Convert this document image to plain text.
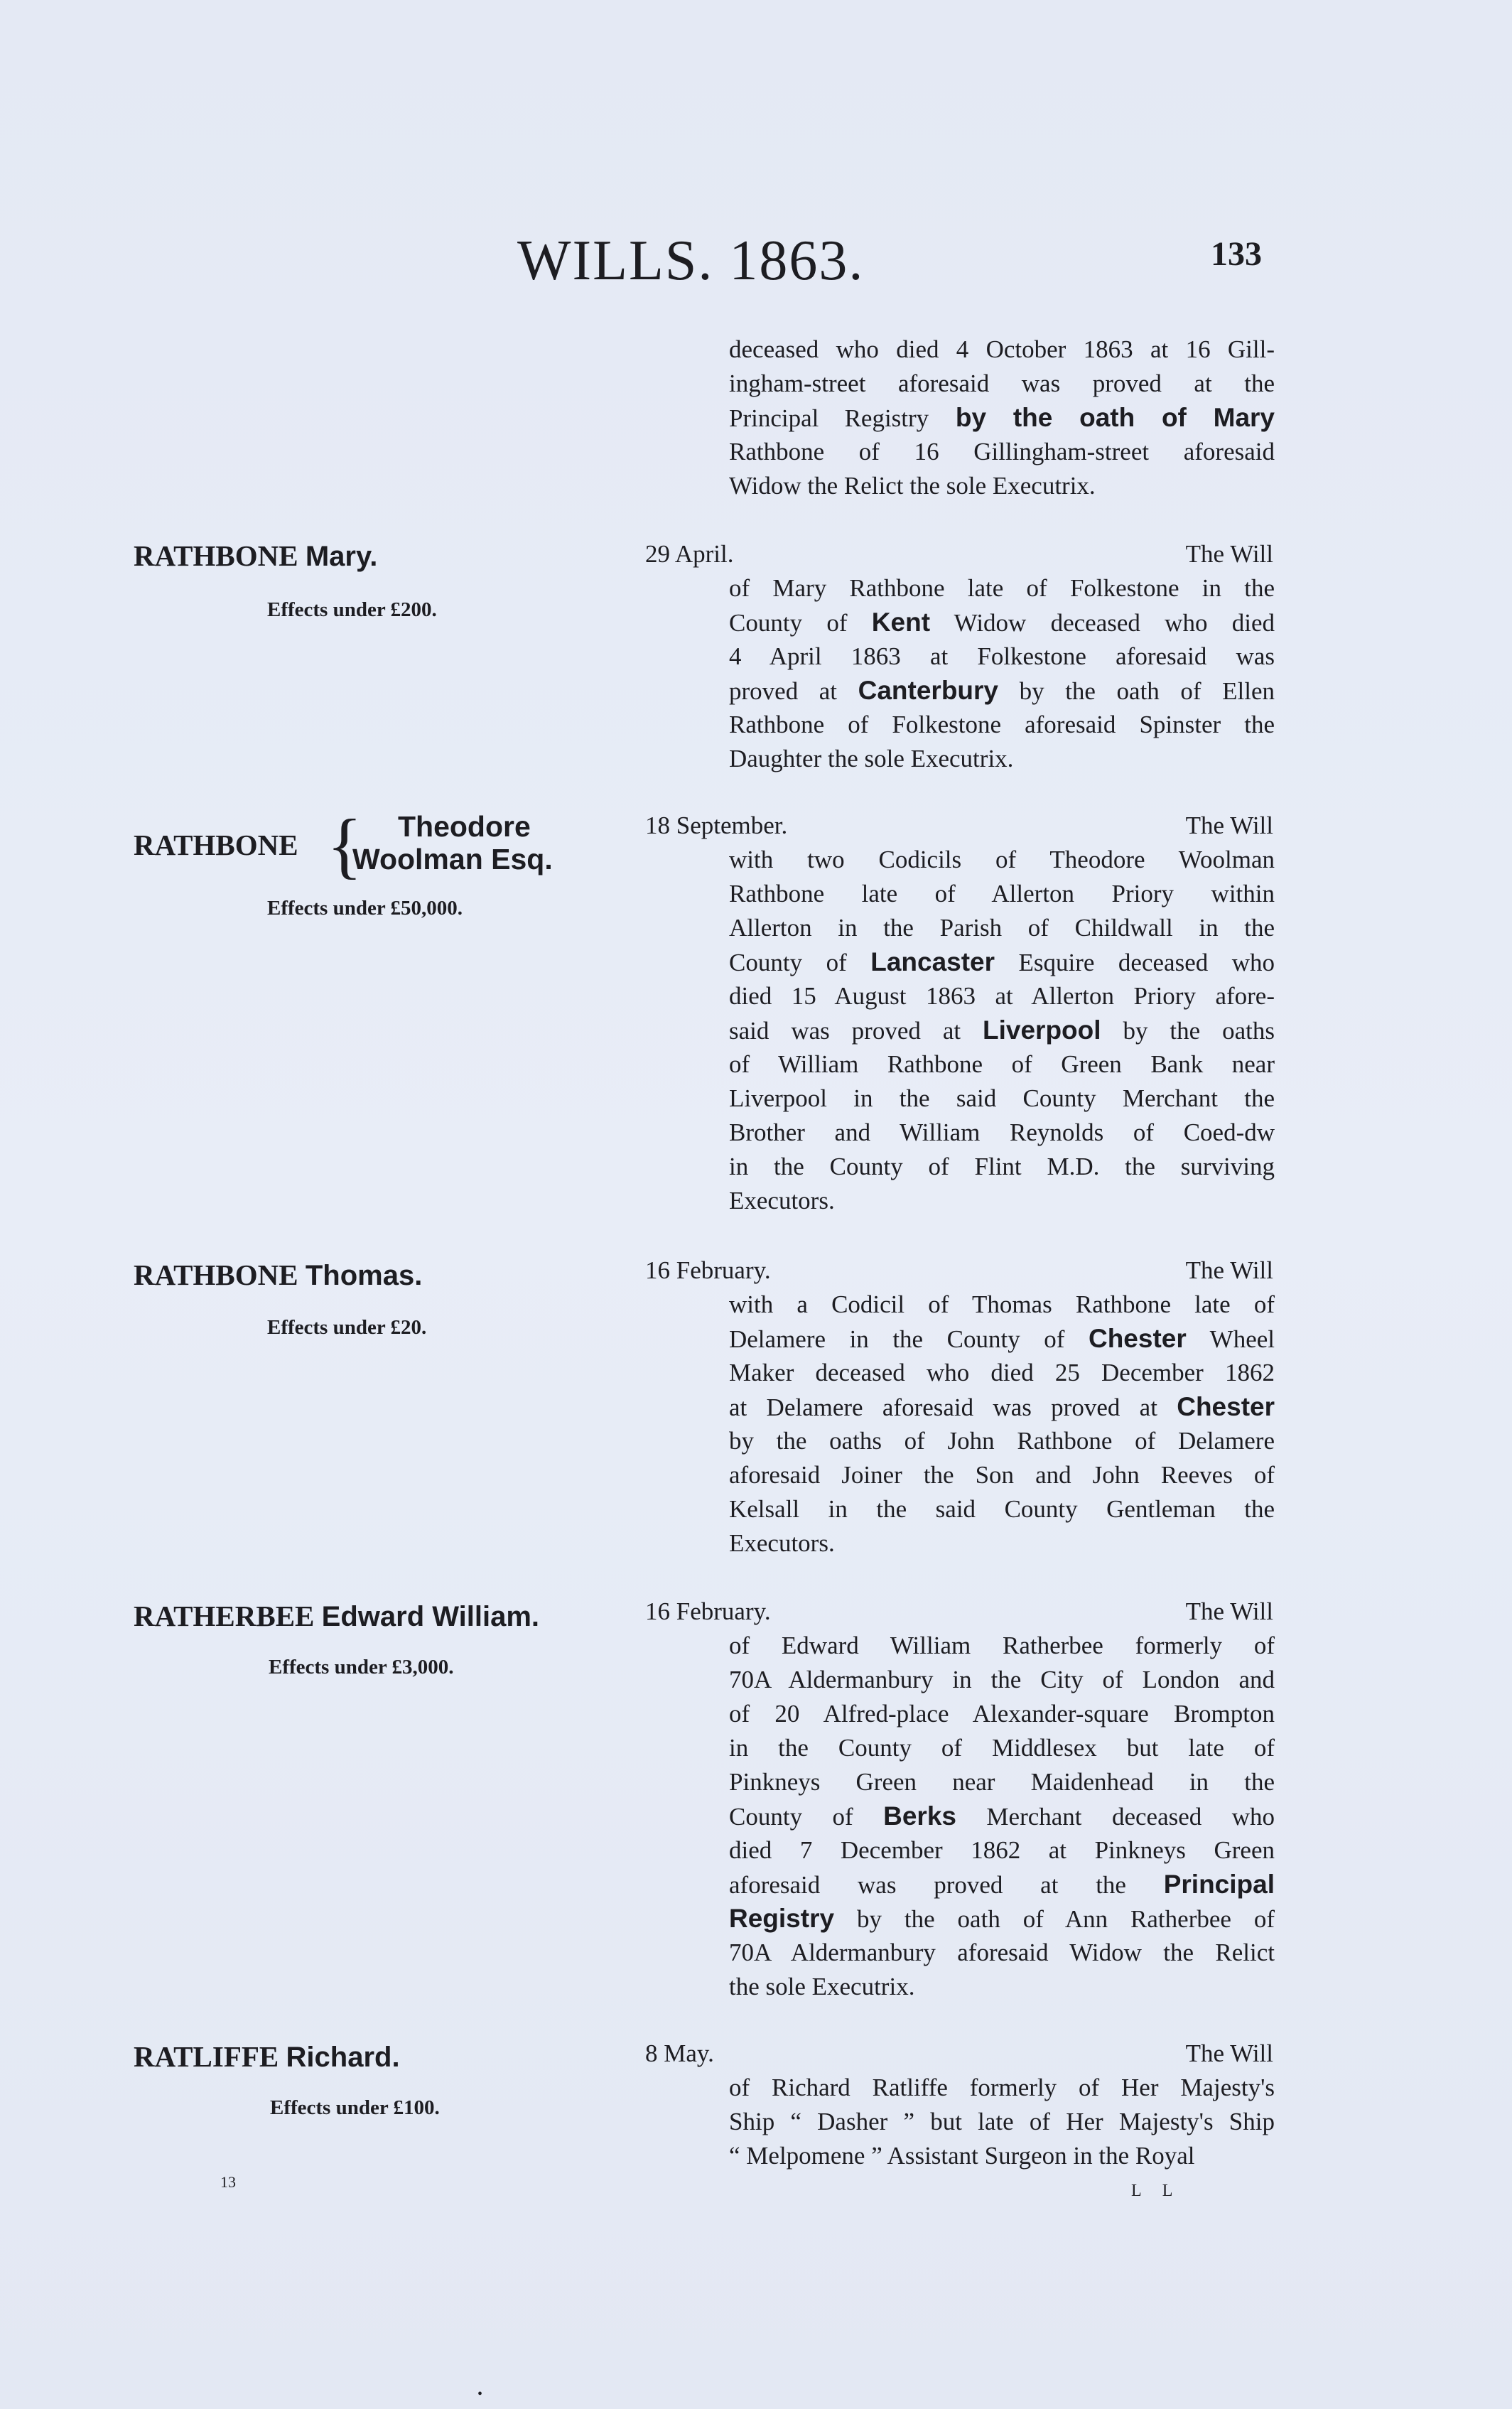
WILLS. 1863.	133
deceased who died 4 October 1863 at 16 Gill-
ingham-street aforesaid was proved at the
Principal Registry by the oath of Mary
Rathbone of 16 Gillingham-street aforesaid
Widow the Relict the sole Executrix.
RATHBONE Mary.
Effects under £200.
29 April.	The Will
of Mary Rathbone late of Folkestone in the
County of Kent Widow deceased who died
4 April 1863 at Folkestone aforesaid was
proved at Canterbury by the oath of Ellen
Rathbone of Folkestone aforesaid Spinster the
Daughter the sole Executrix.
RATHBONE { Theodore
Woolman Esq.
Effects under £50,000.
18 September.	The Will
with two Codicils of Theodore Woolman
Rathbone late of Allerton Priory within
Allerton in the Parish of Childwall in the
County of Lancaster Esquire deceased who
died 15 August 1863 at Allerton Priory afore-
said was proved at Liverpool by the oaths
of William Rathbone of Green Bank near
Liverpool in the said County Merchant the
Brother and William Reynolds of Coed-dw
in the County of Flint M.D. the surviving
Executors.
RATHBONE Thomas.
Effects under £20.
16 February.	The Will
with a Codicil of Thomas Rathbone late of
Delamere in the County of Chester Wheel
Maker deceased who died 25 December 1862
at Delamere aforesaid was proved at Chester
by the oaths of John Rathbone of Delamere
aforesaid Joiner the Son and John Reeves of
Kelsall in the said County Gentleman the
Executors.
RATHERBEE Edward William.
Effects under £3,000.
16 February.	The Will
of Edward William Ratherbee formerly of
70A Aldermanbury in the City of London and
of 20 Alfred-place Alexander-square Brompton
in the County of Middlesex but late of
Pinkneys Green near Maidenhead in the
County of Berks Merchant deceased who
died 7 December 1862 at Pinkneys Green
aforesaid was proved at the Principal
Registry by the oath of Ann Ratherbee of
70A Aldermanbury aforesaid Widow the Relict
the sole Executrix.
RATLIFFE Richard.
Effects under £100.
8 May.	The Will
of Richard Ratliffe formerly of Her Majesty's
Ship “ Dasher ” but late of Her Majesty's Ship
“ Melpomene ” Assistant Surgeon in the Royal
13	L L
•
